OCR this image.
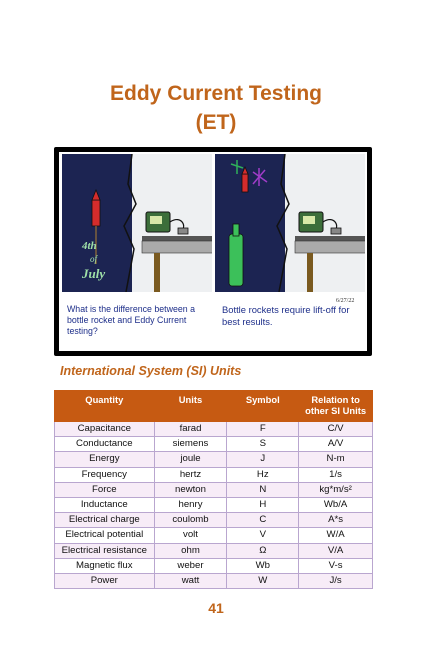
Eddy Current Testing
(ET)
4th
of
July
What is the difference between a bottle rocket and Eddy Current testing?
Bottle rockets require lift-off for best results.
6/27/22
International System (SI) Units
Quantity	Units	Symbol	Relation to other SI Units
Capacitance	farad	F	C/V
Conductance	siemens	S	A/V
Energy	joule	J	N-m
Frequency	hertz	Hz	1/s
Force	newton	N	kg*m/s²
Inductance	henry	H	Wb/A
Electrical charge	coulomb	C	A*s
Electrical potential	volt	V	W/A
Electrical resistance	ohm	Ω	V/A
Magnetic flux	weber	Wb	V-s
Power	watt	W	J/s
41
